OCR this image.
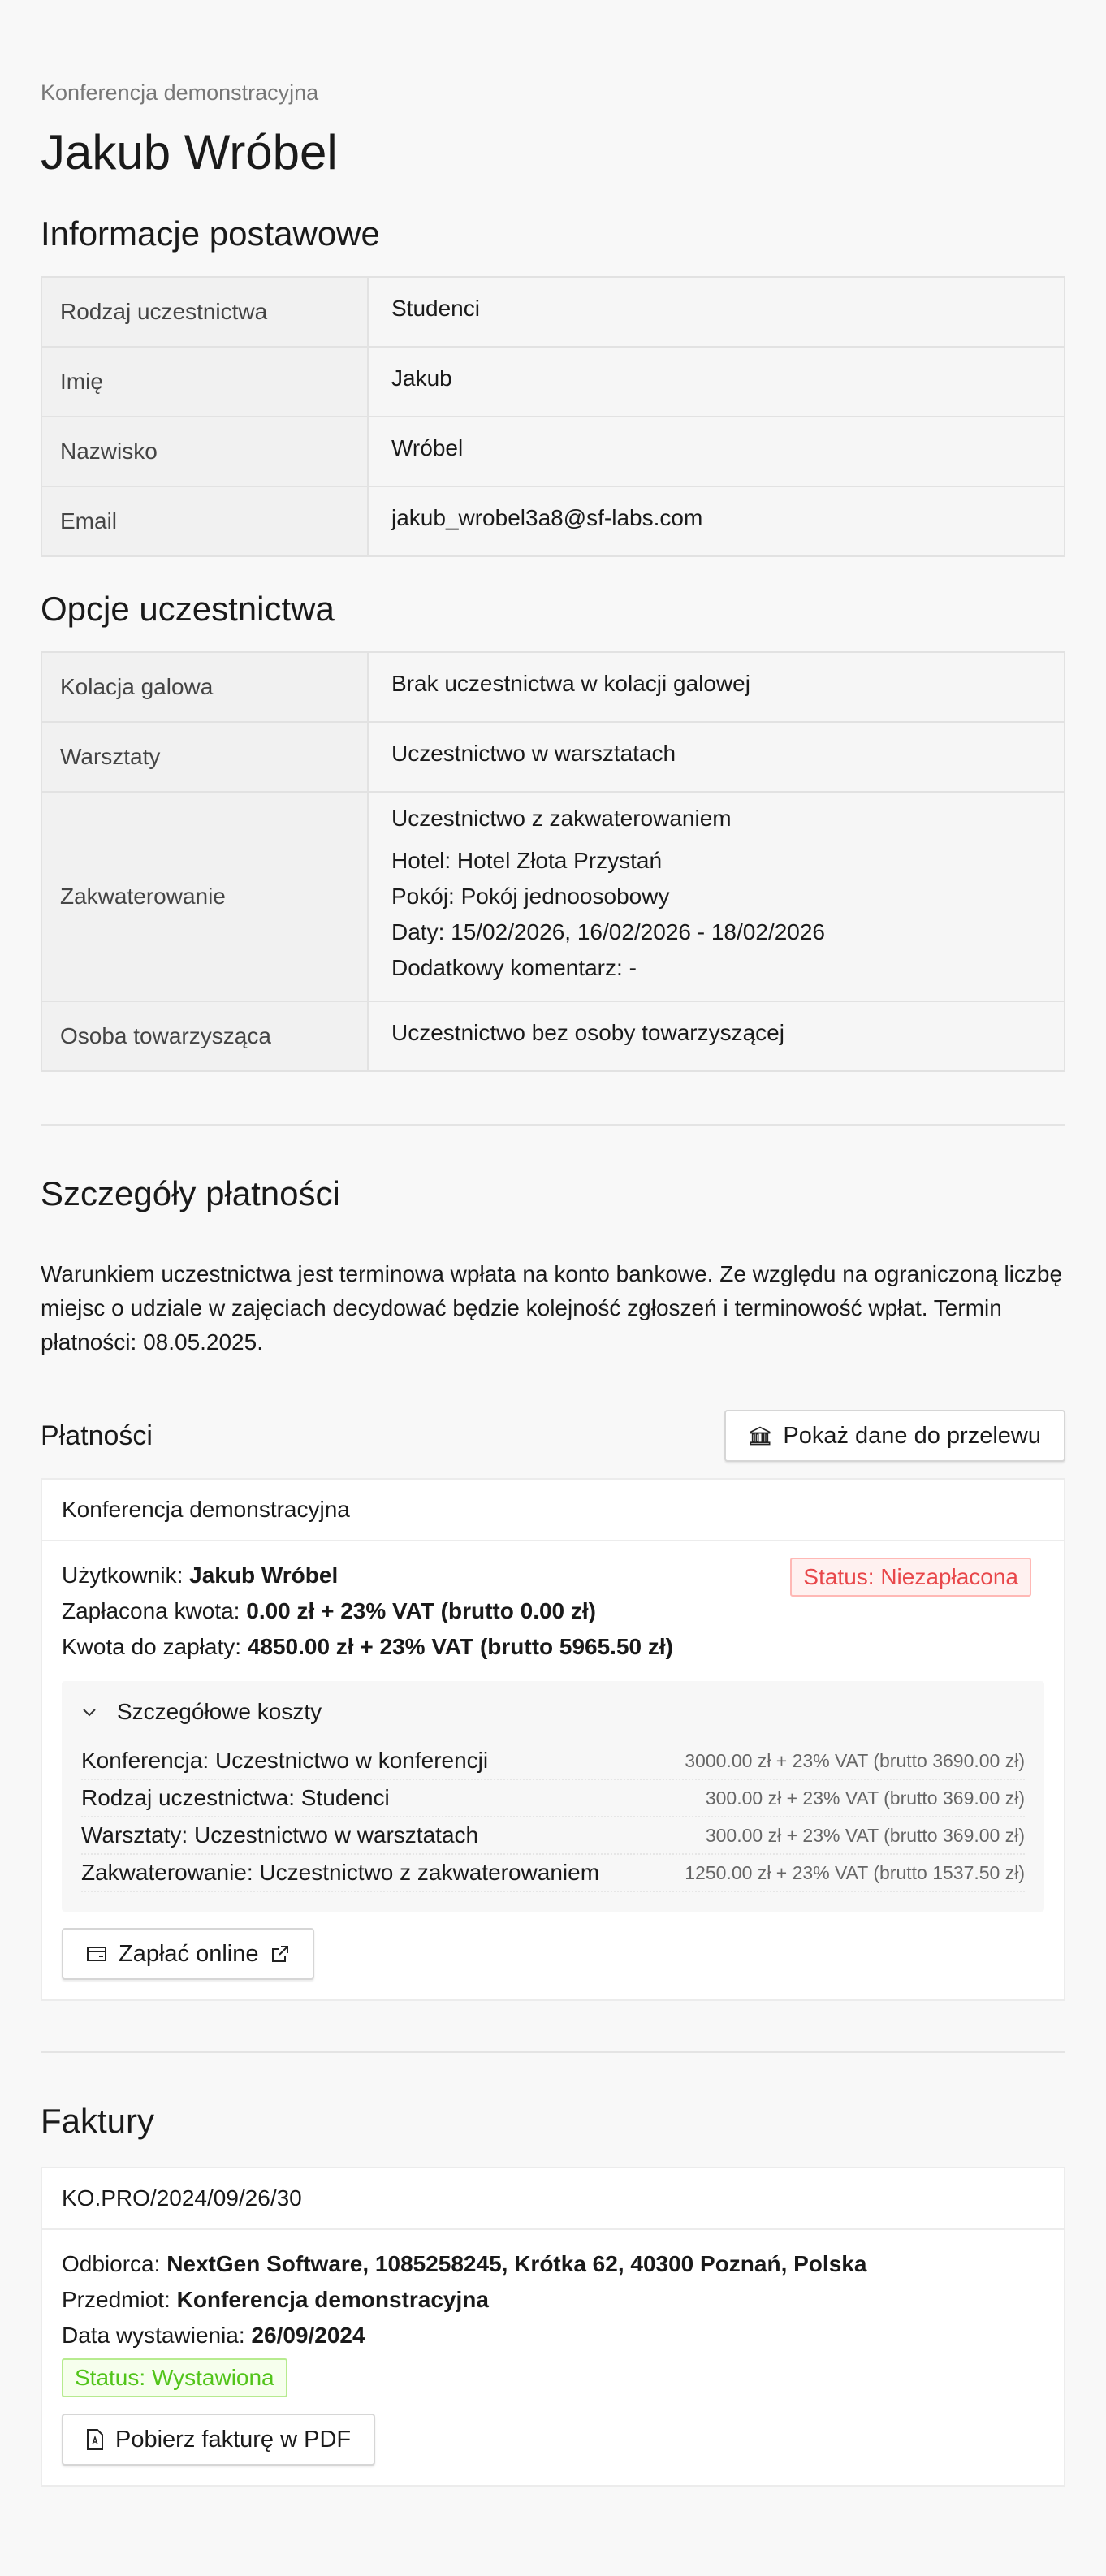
Konferencja demonstracyjna
Jakub Wróbel
Informacje postawowe
Rodzaj uczestnictwa	Studenci
Imię	Jakub
Nazwisko	Wróbel
Email	jakub_wrobel3a8@sf-labs.com
Opcje uczestnictwa
Kolacja galowa	Brak uczestnictwa w kolacji galowej
Warsztaty	Uczestnictwo w warsztatach
Zakwaterowanie	Uczestnictwo z zakwaterowaniem
Hotel: Hotel Złota Przystań
Pokój: Pokój jednoosobowy
Daty: 15/02/2026, 16/02/2026 - 18/02/2026
Dodatkowy komentarz: -

Osoba towarzysząca	Uczestnictwo bez osoby towarzyszącej
Szczegóły płatności
Warunkiem uczestnictwa jest terminowa wpłata na konto bankowe. Ze względu na ograniczoną liczbę miejsc o udziale w zajęciach decydować będzie kolejność zgłoszeń i terminowość wpłat. Termin płatności: 08.05.2025.
Płatności	Pokaż dane do przelewu
Konferencja demonstracyjna
Użytkownik: Jakub Wróbel
Zapłacona kwota: 0.00 zł + 23% VAT (brutto 0.00 zł)
Kwota do zapłaty: 4850.00 zł + 23% VAT (brutto 5965.50 zł)
Status: Niezapłacona
Szczegółowe koszty
Konferencja: Uczestnictwo w konferencji	3000.00 zł + 23% VAT (brutto 3690.00 zł)
Rodzaj uczestnictwa: Studenci	300.00 zł + 23% VAT (brutto 369.00 zł)
Warsztaty: Uczestnictwo w warsztatach	300.00 zł + 23% VAT (brutto 369.00 zł)
Zakwaterowanie: Uczestnictwo z zakwaterowaniem	1250.00 zł + 23% VAT (brutto 1537.50 zł)
Zapłać online
Faktury
KO.PRO/2024/09/26/30
Odbiorca: NextGen Software, 1085258245, Krótka 62, 40300 Poznań, Polska
Przedmiot: Konferencja demonstracyjna
Data wystawienia: 26/09/2024
Status: Wystawiona
Pobierz fakturę w PDF
